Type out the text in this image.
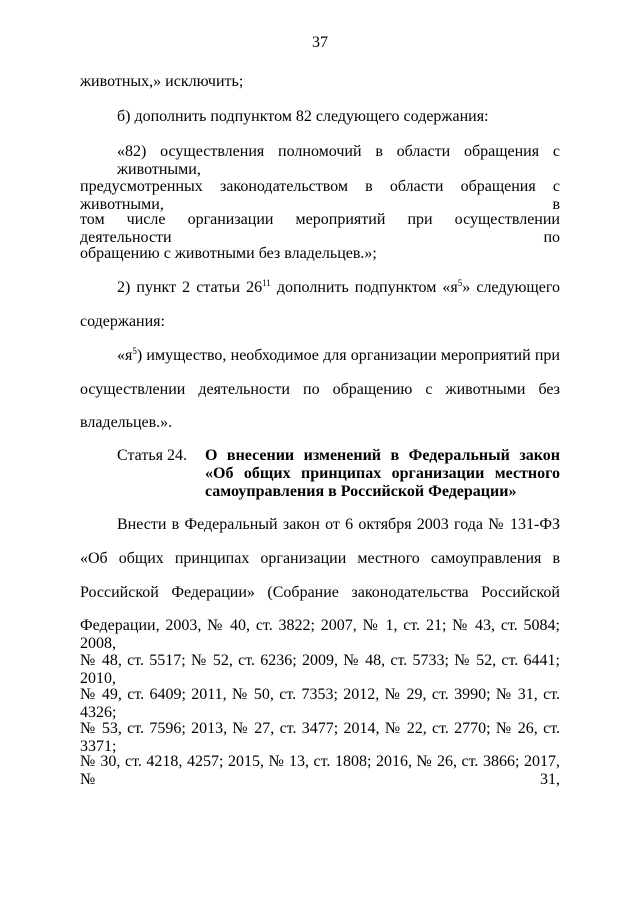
37
животных,» исключить;
б) дополнить подпунктом 82 следующего содержания:
«82) осуществления полномочий в области обращения с животными,
предусмотренных законодательством в области обращения с животными, в
том числе организации мероприятий при осуществлении деятельности по
обращению с животными без владельцев.»;
2) пункт 2 статьи $26^{11}$ дополнить подпунктом «$я^5$» следующего
содержания:
«$я^5$) имущество, необходимое для организации мероприятий при
осуществлении деятельности по обращению с животными без
владельцев.».
Статья 24. О внесении изменений в Федеральный закон
«Об общих принципах организации местного
самоуправления в Российской Федерации»
Внести в Федеральный закон от 6 октября 2003 года № 131-ФЗ
«Об общих принципах организации местного самоуправления в
Российской Федерации» (Собрание законодательства Российской
Федерации, 2003, № 40, ст. 3822; 2007, № 1, ст. 21; № 43, ст. 5084; 2008,
№ 48, ст. 5517; № 52, ст. 6236; 2009, № 48, ст. 5733; № 52, ст. 6441; 2010,
№ 49, ст. 6409; 2011, № 50, ст. 7353; 2012, № 29, ст. 3990; № 31, ст. 4326;
№ 53, ст. 7596; 2013, № 27, ст. 3477; 2014, № 22, ст. 2770; № 26, ст. 3371;
№ 30, ст. 4218, 4257; 2015, № 13, ст. 1808; 2016, № 26, ст. 3866; 2017, № 31,
